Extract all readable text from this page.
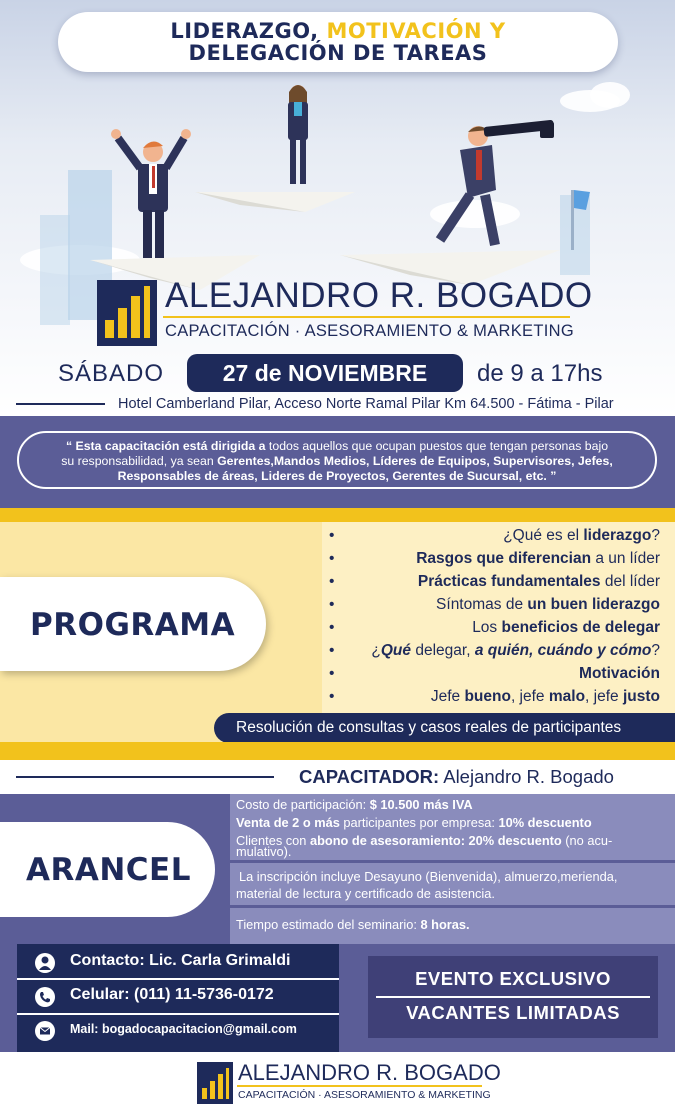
LIDERAZGO, MOTIVACIÓN Y
DELEGACIÓN DE TAREAS
ALEJANDRO R. BOGADO
CAPACITACIÓN · ASESORAMIENTO & MARKETING
SÁBADO	27 de NOVIEMBRE	de 9 a 17hs
Hotel Camberland Pilar, Acceso Norte Ramal Pilar Km 64.500 - Fátima - Pilar
“ Esta capacitación está dirigida a todos aquellos que ocupan puestos que tengan personas bajo
su responsabilidad, ya sean Gerentes,Mandos Medios, Líderes de Equipos, Supervisores, Jefes,
Responsables de áreas, Lideres de Proyectos, Gerentes de Sucursal, etc. ”
PROGRAMA
•	¿Qué es el liderazgo?
•	Rasgos que diferencian a un líder
•	Prácticas fundamentales del líder
•	Síntomas de un buen liderazgo
•	Los beneficios de delegar
• ¿Qué delegar, a quién, cuándo y cómo?
•	Motivación
•	Jefe bueno, jefe malo, jefe justo
Resolución de consultas y casos reales de participantes
CAPACITADOR: Alejandro R. Bogado
ARANCEL
Costo de participación: $ 10.500 más IVA
Venta de 2 o más participantes por empresa: 10% descuento
Clientes con abono de asesoramiento: 20% descuento (no acu-
mulativo).
La inscripción incluye Desayuno (Bienvenida), almuerzo,merienda,
material de lectura y certificado de asistencia.
Tiempo estimado del seminario: 8 horas.
Contacto: Lic. Carla Grimaldi
Celular: (011) 11-5736-0172
Mail: bogadocapacitacion@gmail.com
EVENTO EXCLUSIVO
VACANTES LIMITADAS
ALEJANDRO R. BOGADO
CAPACITACIÓN · ASESORAMIENTO & MARKETING
